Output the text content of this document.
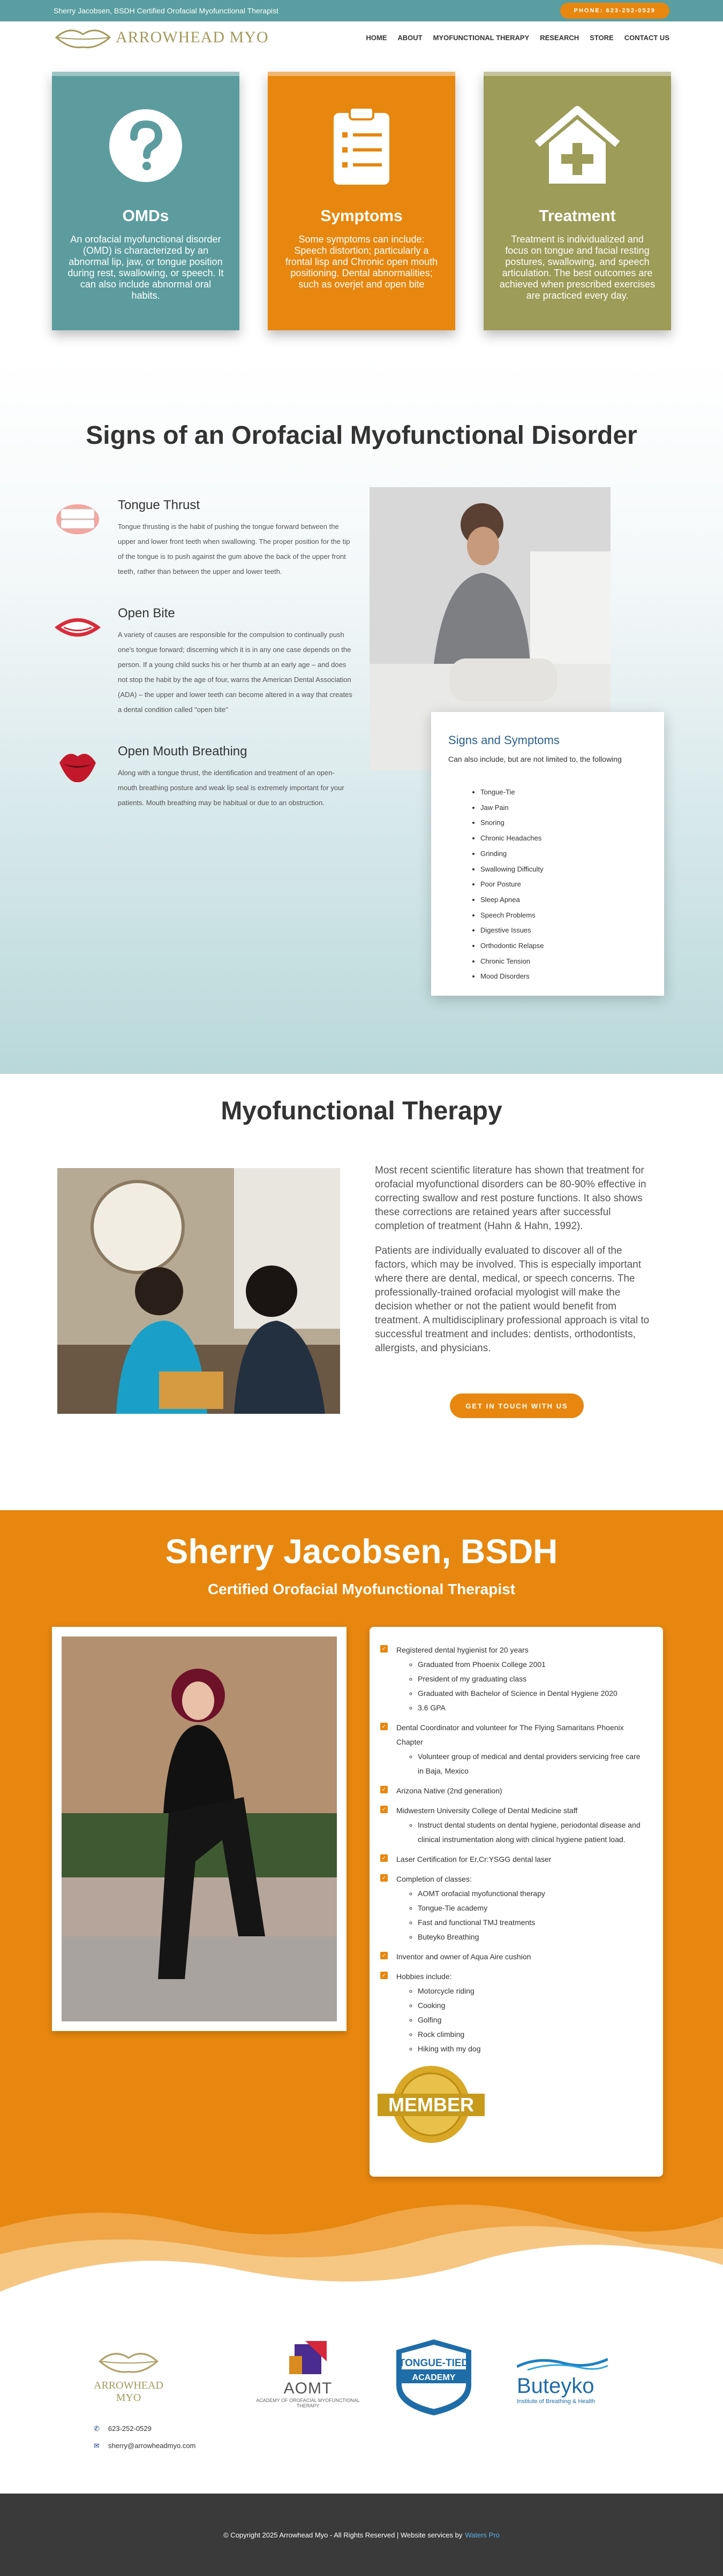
Sherry Jacobsen, BSDH Certified Orofacial Myofunctional Therapist	PHONE: 623-252-0529
ARROWHEAD MYO	HOME ABOUT MYOFUNCTIONAL THERAPY RESEARCH STORE CONTACT US
OMDs

An orofacial myofunctional disorder (OMD) is characterized by an abnormal lip, jaw, or tongue position during rest, swallowing, or speech. It can also include abnormal oral habits.

Symptoms

Some symptoms can include: Speech distortion; particularly a frontal lisp and Chronic open mouth positioning. Dental abnormalities; such as overjet and open bite

Treatment

Treatment is individualized and focus on tongue and facial resting postures, swallowing, and speech articulation. The best outcomes are achieved when prescribed exercises are practiced every day.

Signs of an Orofacial Myofunctional Disorder
Tongue Thrust

Tongue thrusting is the habit of pushing the tongue forward between the upper and lower front teeth when swallowing. The proper position for the tip of the tongue is to push against the gum above the back of the upper front teeth, rather than between the upper and lower teeth.

Open Bite

A variety of causes are responsible for the compulsion to continually push one's tongue forward; discerning which it is in any one case depends on the person. If a young child sucks his or her thumb at an early age – and does not stop the habit by the age of four, warns the American Dental Association (ADA) – the upper and lower teeth can become altered in a way that creates a dental condition called "open bite"

Open Mouth Breathing

Along with a tongue thrust, the identification and treatment of an open-mouth breathing posture and weak lip seal is extremely important for your patients. Mouth breathing may be habitual or due to an obstruction.

Signs and Symptoms

Can also include, but are not limited to, the following

• Tongue-Tie
• Jaw Pain
• Snoring
• Chronic Headaches
• Grinding
• Swallowing Difficulty
• Poor Posture
• Sleep Apnea
• Speech Problems
• Digestive Issues
• Orthodontic Relapse
• Chronic Tension
• Mood Disorders
Myofunctional Therapy

Most recent scientific literature has shown that treatment for orofacial myofunctional disorders can be 80-90% effective in correcting swallow and rest posture functions. It also shows these corrections are retained years after successful completion of treatment (Hahn & Hahn, 1992).

Patients are individually evaluated to discover all of the factors, which may be involved. This is especially important where there are dental, medical, or speech concerns. The professionally-trained orofacial myologist will make the decision whether or not the patient would benefit from treatment. A multidisciplinary professional approach is vital to successful treatment and includes: dentists, orthodontists, allergists, and physicians.

GET IN TOUCH WITH US
Sherry Jacobsen, BSDH
Certified Orofacial Myofunctional Therapist
✓ Registered dental hygienist for 20 years
◦ Graduated from Phoenix College 2001
◦ President of my graduating class
◦ Graduated with Bachelor of Science in Dental Hygiene 2020
◦ 3.6 GPA
✓ Dental Coordinator and volunteer for The Flying Samaritans Phoenix Chapter
◦ Volunteer group of medical and dental providers servicing free care in Baja, Mexico
✓ Arizona Native (2nd generation)
✓ Midwestern University College of Dental Medicine staff
◦ Instruct dental students on dental hygiene, periodontal disease and clinical instrumentation along with clinical hygiene patient load.
✓ Laser Certification for Er,Cr:YSGG dental laser
✓ Completion of classes:
◦ AOMT orofacial myofunctional therapy
◦ Tongue-Tie academy
◦ Fast and functional TMJ treatments
◦ Buteyko Breathing
✓ Inventor and owner of Aqua Aire cushion
✓ Hobbies include:
◦ Motorcycle riding
◦ Cooking
◦ Golfing
◦ Rock climbing
◦ Hiking with my dog
MEMBER
ARROWHEAD MYO
AOMT
ACADEMY OF OROFACIAL MYOFUNCTIONAL THERAPY
TONGUE-TIED
ACADEMY	Buteyko
Institute of Breathing & Health
✆ 623-252-0529
✉ sherry@arrowheadmyo.com
© Copyright 2025 Arrowhead Myo - All Rights Reserved | Website services by Waters Pro
